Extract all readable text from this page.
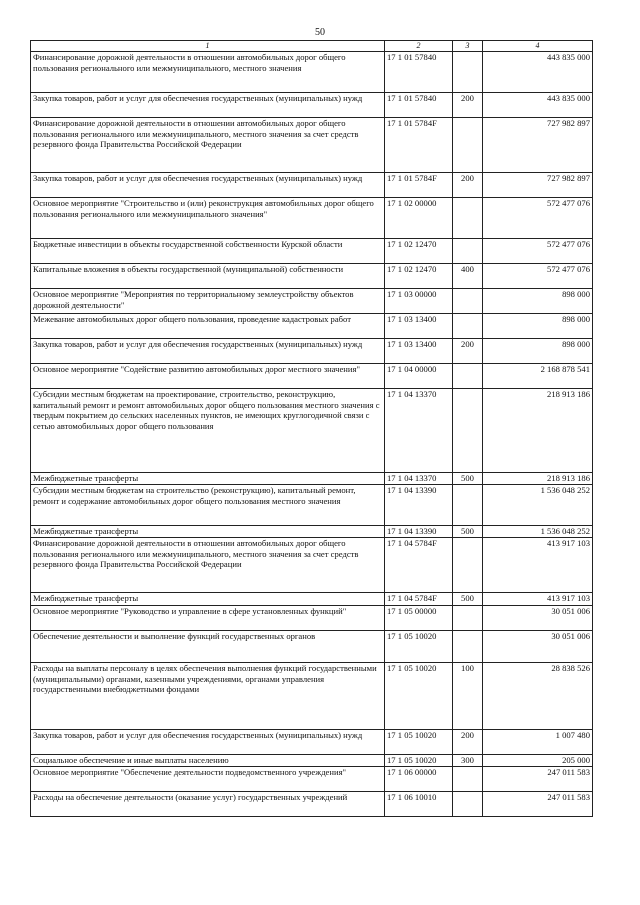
50
1	2	3	4
Финансирование дорожной деятельности в отношении автомобильных дорог общего пользования регионального или межмуниципального, местного значения	17 1 01 57840		443 835 000
Закупка товаров, работ и услуг для обеспечения государственных (муниципальных) нужд	17 1 01 57840	200	443 835 000
Финансирование дорожной деятельности в отношении автомобильных дорог общего пользования регионального или межмуниципального, местного значения за счет средств резервного фонда Правительства Российской Федерации	17 1 01 5784F		727 982 897
Закупка товаров, работ и услуг для обеспечения государственных (муниципальных) нужд	17 1 01 5784F	200	727 982 897
Основное мероприятие "Строительство и (или) реконструкция автомобильных дорог общего пользования регионального или межмуниципального значения"	17 1 02 00000		572 477 076
Бюджетные инвестиции в объекты государственной собственности Курской области	17 1 02 12470		572 477 076
Капитальные вложения в объекты государственной (муниципальной) собственности	17 1 02 12470	400	572 477 076
Основное мероприятие "Мероприятия по территориальному землеустройству объектов дорожной деятельности"	17 1 03 00000		898 000
Межевание автомобильных дорог общего пользования, проведение кадастровых работ	17 1 03 13400		898 000
Закупка товаров, работ и услуг для обеспечения государственных (муниципальных) нужд	17 1 03 13400	200	898 000
Основное мероприятие "Содействие развитию автомобильных дорог местного значения"	17 1 04 00000		2 168 878 541
Субсидии местным бюджетам на проектирование, строительство, реконструкцию, капитальный ремонт и ремонт автомобильных дорог общего пользования местного значения с твердым покрытием до сельских населенных пунктов, не имеющих круглогодичной связи с сетью автомобильных дорог общего пользования	17 1 04 13370		218 913 186
Межбюджетные трансферты	17 1 04 13370	500	218 913 186
Субсидии местным бюджетам на строительство (реконструкцию), капитальный ремонт, ремонт и содержание автомобильных дорог общего пользования местного значения	17 1 04 13390		1 536 048 252
Межбюджетные трансферты	17 1 04 13390	500	1 536 048 252
Финансирование дорожной деятельности в отношении автомобильных дорог общего пользования регионального или межмуниципального, местного значения за счет средств резервного фонда Правительства Российской Федерации	17 1 04 5784F		413 917 103
Межбюджетные трансферты	17 1 04 5784F	500	413 917 103
Основное мероприятие "Руководство и управление в сфере установленных функций"	17 1 05 00000		30 051 006
Обеспечение деятельности и выполнение функций государственных органов	17 1 05 10020		30 051 006
Расходы на выплаты персоналу в целях обеспечения выполнения функций государственными (муниципальными) органами, казенными учреждениями, органами управления государственными внебюджетными фондами	17 1 05 10020	100	28 838 526
Закупка товаров, работ и услуг для обеспечения государственных (муниципальных) нужд	17 1 05 10020	200	1 007 480
Социальное обеспечение и иные выплаты населению	17 1 05 10020	300	205 000
Основное мероприятие "Обеспечение деятельности подведомственного учреждения"	17 1 06 00000		247 011 583
Расходы на обеспечение деятельности (оказание услуг) государственных учреждений	17 1 06 10010		247 011 583
